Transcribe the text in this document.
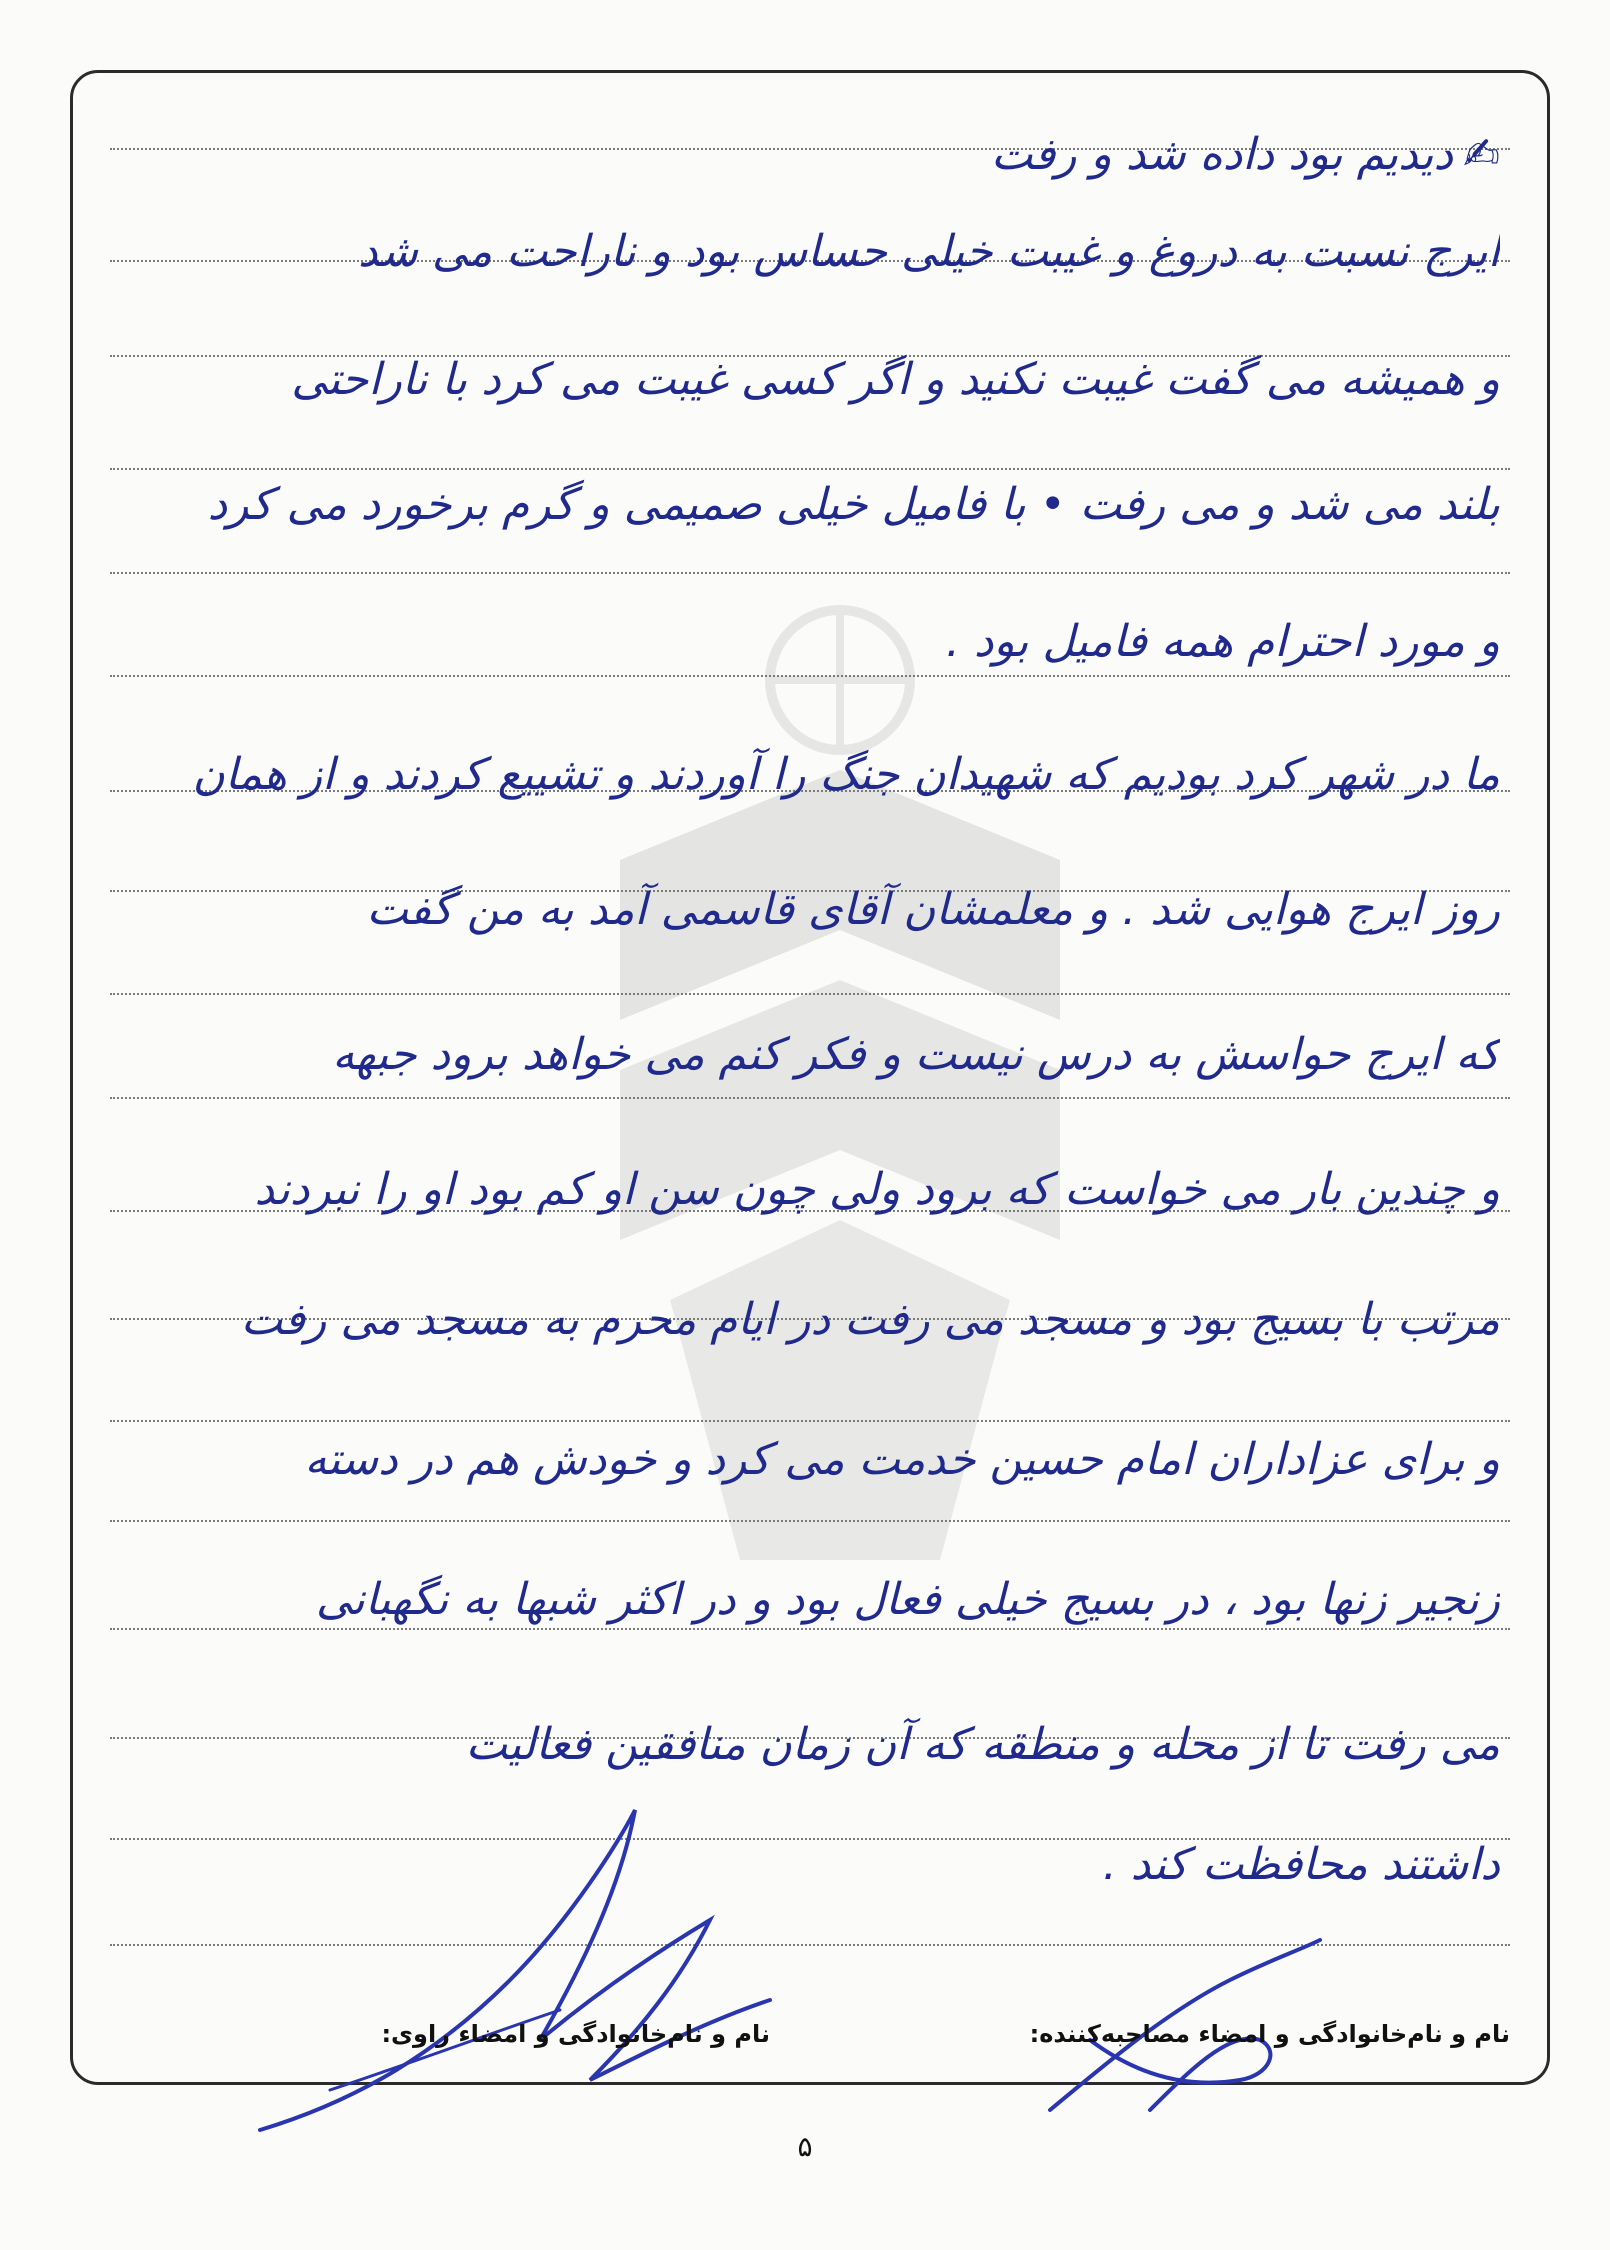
✍دیدیم بود داده شد و رفت
ایرج نسبت به دروغ و غیبت خیلی حساس بود و ناراحت می شد
و همیشه می گفت غیبت نکنید و اگر کسی غیبت می کرد با ناراحتی
بلند می شد و می رفت • با فامیل خیلی صمیمی و گرم برخورد می کرد
و مورد احترام همه فامیل بود .
ما در شهر کرد بودیم که شهیدان جنگ را آوردند و تشییع کردند و از همان
روز ایرج هوایی شد . و معلمشان آقای قاسمی آمد به من گفت
که ایرج حواسش به درس نیست و فکر کنم می خواهد برود جبهه
و چندین بار می خواست که برود ولی چون سن او کم بود او را نبردند
مرتب با بسیج بود و مسجد می رفت در ایام محرم به مسجد می رفت
و برای عزاداران امام حسین خدمت می کرد و خودش هم در دسته
زنجیر زنها بود ، در بسیج خیلی فعال بود و در اکثر شبها به نگهبانی
می رفت تا از محله و منطقه که آن زمان منافقین فعالیت
داشتند محافظت کند .
نام و نام‌خانوادگی و امضاء مصاحبه‌کننده:
نام و نام‌خانوادگی و امضاء راوی:
۵
